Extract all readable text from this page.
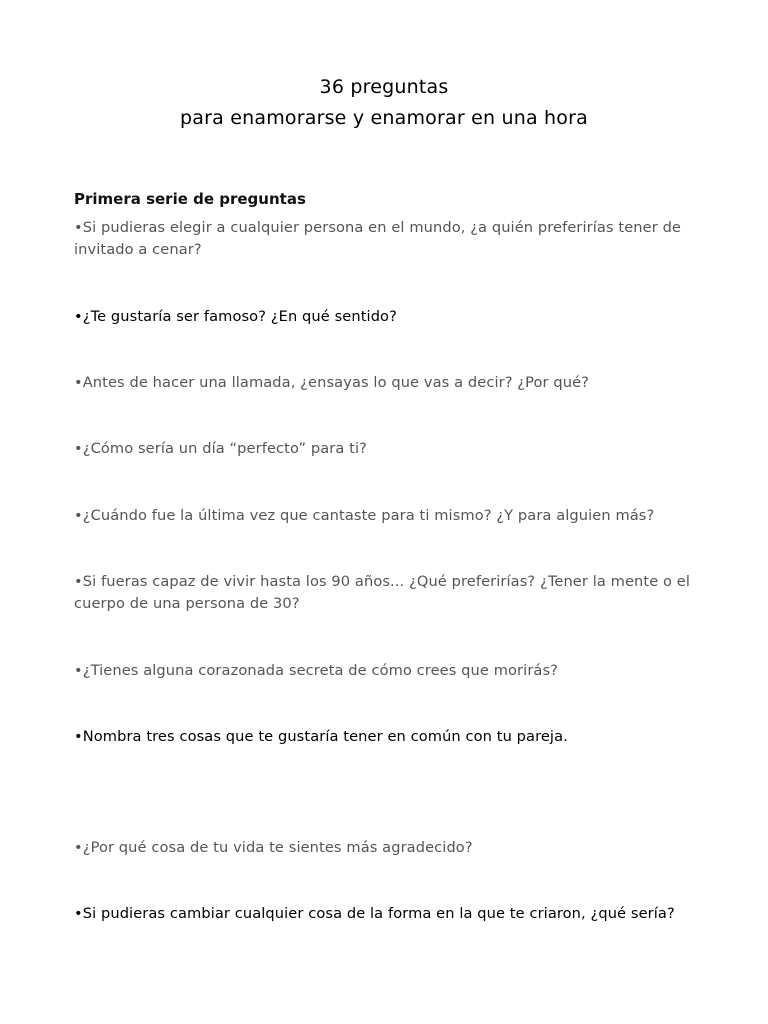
36 preguntas
para enamorarse y enamorar en una hora
Primera serie de preguntas
•Si pudieras elegir a cualquier persona en el mundo, ¿a quién preferirías tener de invitado a cenar?
•¿Te gustaría ser famoso? ¿En qué sentido?
•Antes de hacer una llamada, ¿ensayas lo que vas a decir? ¿Por qué?
•¿Cómo sería un día “perfecto” para ti?
•¿Cuándo fue la última vez que cantaste para ti mismo? ¿Y para alguien más?
•Si fueras capaz de vivir hasta los 90 años... ¿Qué preferirías? ¿Tener la mente o el cuerpo de una persona de 30?
•¿Tienes alguna corazonada secreta de cómo crees que morirás?
•Nombra tres cosas que te gustaría tener en común con tu pareja.
•¿Por qué cosa de tu vida te sientes más agradecido?
•Si pudieras cambiar cualquier cosa de la forma en la que te criaron, ¿qué sería?
